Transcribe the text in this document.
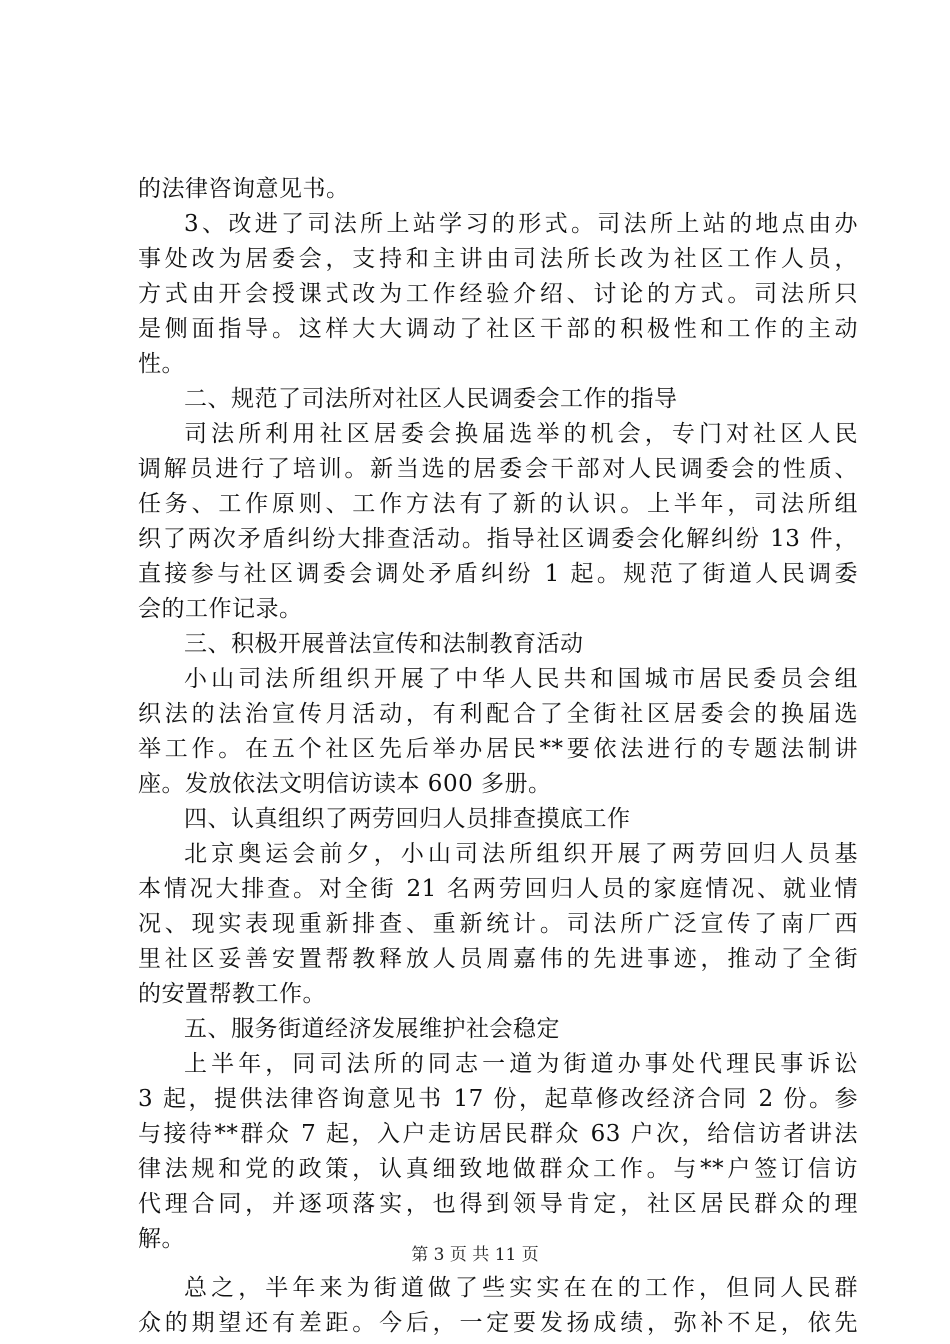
的法律咨询意见书。
3、改进了司法所上站学习的形式。司法所上站的地点由办
事处改为居委会，支持和主讲由司法所长改为社区工作人员，
方式由开会授课式改为工作经验介绍、讨论的方式。司法所只
是侧面指导。这样大大调动了社区干部的积极性和工作的主动
性。
二、规范了司法所对社区人民调委会工作的指导
司法所利用社区居委会换届选举的机会，专门对社区人民
调解员进行了培训。新当选的居委会干部对人民调委会的性质、
任务、工作原则、工作方法有了新的认识。上半年，司法所组
织了两次矛盾纠纷大排查活动。指导社区调委会化解纠纷 13 件，
直接参与社区调委会调处矛盾纠纷 1 起。规范了街道人民调委
会的工作记录。
三、积极开展普法宣传和法制教育活动
小山司法所组织开展了中华人民共和国城市居民委员会组
织法的法治宣传月活动，有利配合了全街社区居委会的换届选
举工作。在五个社区先后举办居民**要依法进行的专题法制讲
座。发放依法文明信访读本 600 多册。
四、认真组织了两劳回归人员排查摸底工作
北京奥运会前夕，小山司法所组织开展了两劳回归人员基
本情况大排查。对全街 21 名两劳回归人员的家庭情况、就业情
况、现实表现重新排查、重新统计。司法所广泛宣传了南厂西
里社区妥善安置帮教释放人员周嘉伟的先进事迹，推动了全街
的安置帮教工作。
五、服务街道经济发展维护社会稳定
上半年，同司法所的同志一道为街道办事处代理民事诉讼
3 起，提供法律咨询意见书 17 份，起草修改经济合同 2 份。参
与接待**群众 7 起，入户走访居民群众 63 户次，给信访者讲法
律法规和党的政策，认真细致地做群众工作。与**户签订信访
代理合同，并逐项落实，也得到领导肯定，社区居民群众的理
解。
总之，半年来为街道做了些实实在在的工作，但同人民群
众的期望还有差距。今后，一定要发扬成绩，弥补不足，依先
第 3 页 共 11 页
